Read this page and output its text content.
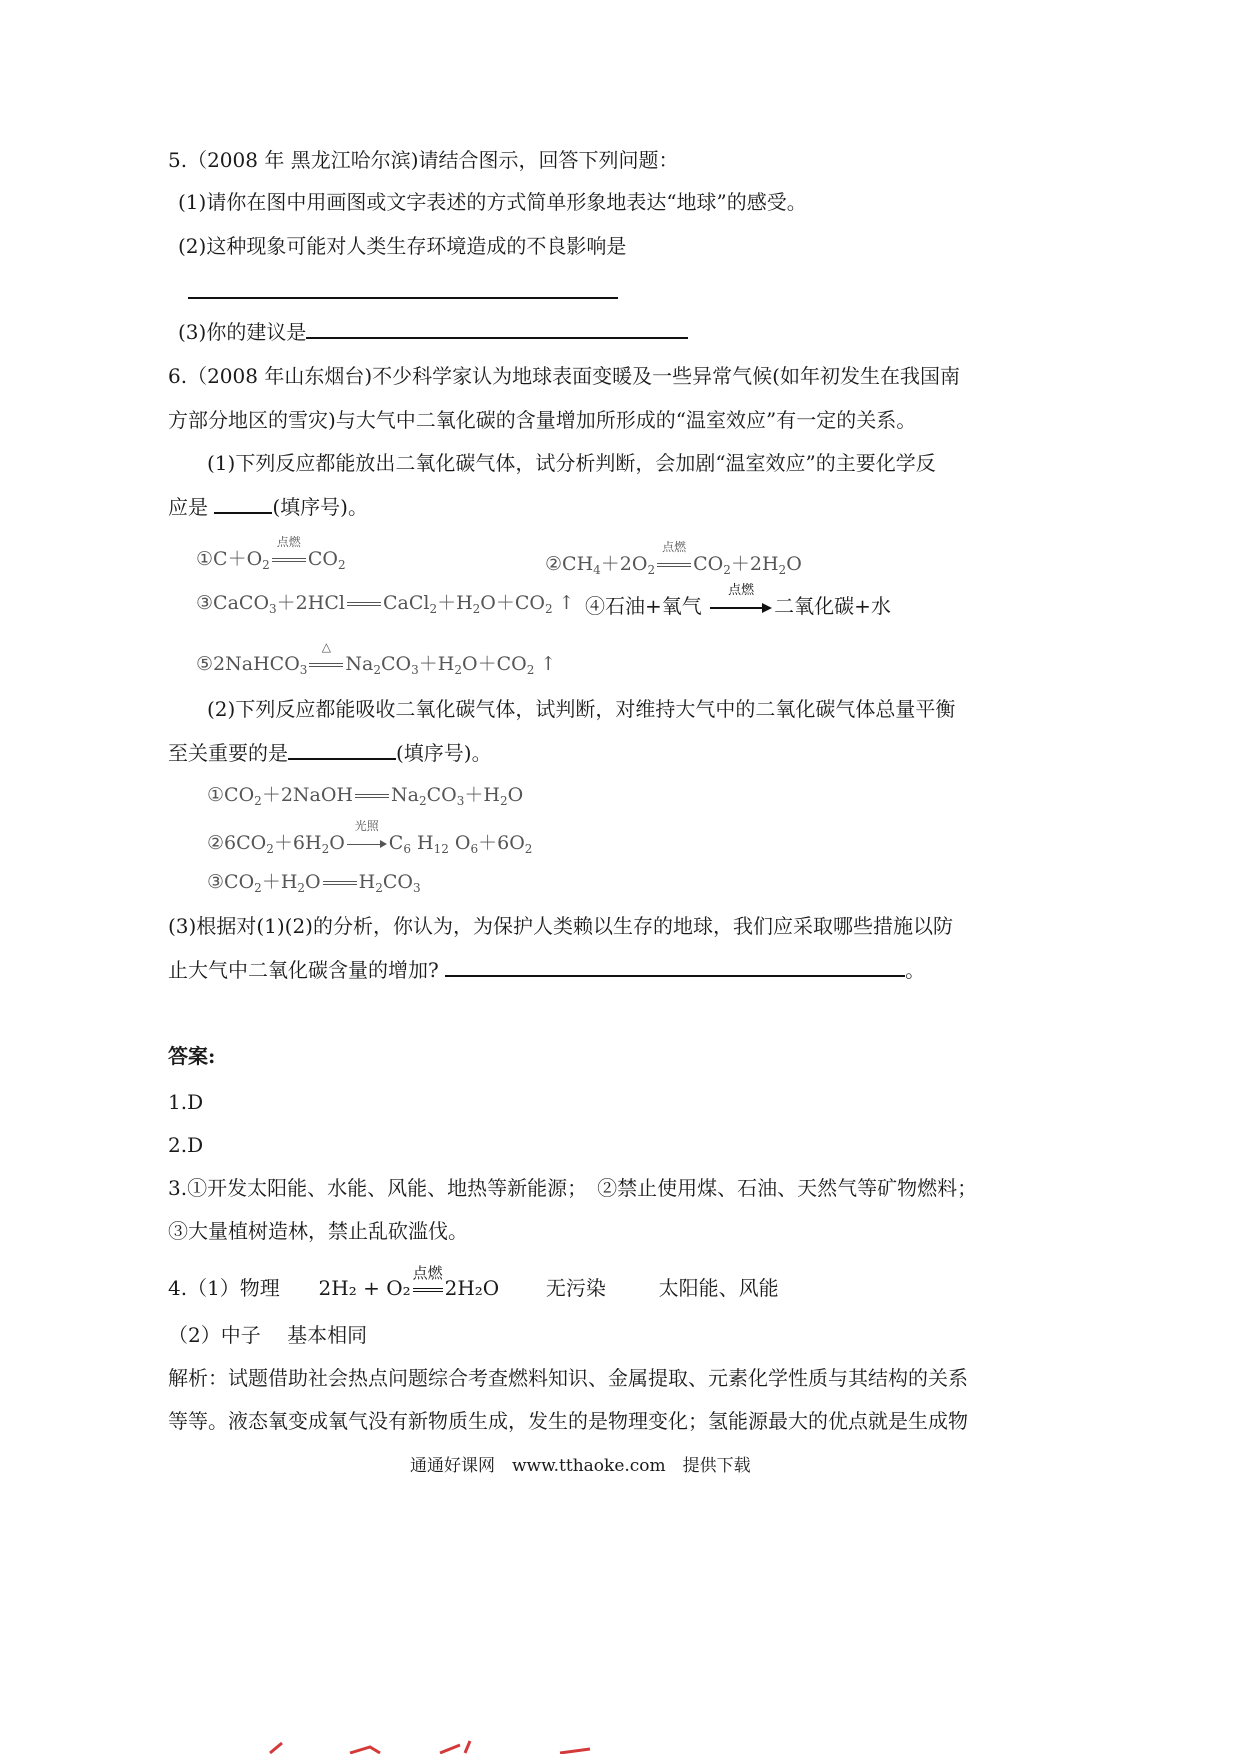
5.（2008 年 黑龙江哈尔滨)请结合图示，回答下列问题：
(1)请你在图中用画图或文字表述的方式简单形象地表达“地球”的感受。
(2)这种现象可能对人类生存环境造成的不良影响是
(3)你的建议是
6.（2008 年山东烟台)不少科学家认为地球表面变暖及一些异常气候(如年初发生在我国南
方部分地区的雪灾)与大气中二氧化碳的含量增加所形成的“温室效应”有一定的关系。
(1)下列反应都能放出二氧化碳气体，试分析判断，会加剧“温室效应”的主要化学反
应是	(填序号)。
$①C+O_2$
点燃
$CO_2$	$②CH_4+2O_2$
点燃
$CO_2+2H_2O$
③CaCO$_3$＋2HCl $CaCl_2+H_2O+CO_2$ ↑ ④石油+氧气
点燃
二氧化碳+水
⑤2NaHCO$_3$
△
$Na_2CO_3+H_2O+CO_2$ ↑
(2)下列反应都能吸收二氧化碳气体，试判断，对维持大气中的二氧化碳气体总量平衡
至关重要的是	(填序号)。
$①CO_2+2NaOH$ $Na_2CO_3+H_2O$
$②6CO_2+6H_2O$
光照
$C_6$ $H_{12}$ $O_6+6O_2$
$③CO_2+H_2O$ $H_2CO_3$
(3)根据对(1)(2)的分析，你认为，为保护人类赖以生存的地球，我们应采取哪些措施以防
止大气中二氧化碳含量的增加?	。
答案:
1.D
2.D
3.①开发太阳能、水能、风能、地热等新能源；　②禁止使用煤、石油、天然气等矿物燃料；
③大量植树造林，禁止乱砍滥伐。
4.（1）物理 2H₂ + O₂
点燃
2H₂O 无污染	太阳能、风能
（2）中子　 基本相同
解析：试题借助社会热点问题综合考查燃料知识、金属提取、元素化学性质与其结构的关系
等等。液态氧变成氧气没有新物质生成，发生的是物理变化；氢能源最大的优点就是生成物
通通好课网　www.tthaoke.com　提供下载
